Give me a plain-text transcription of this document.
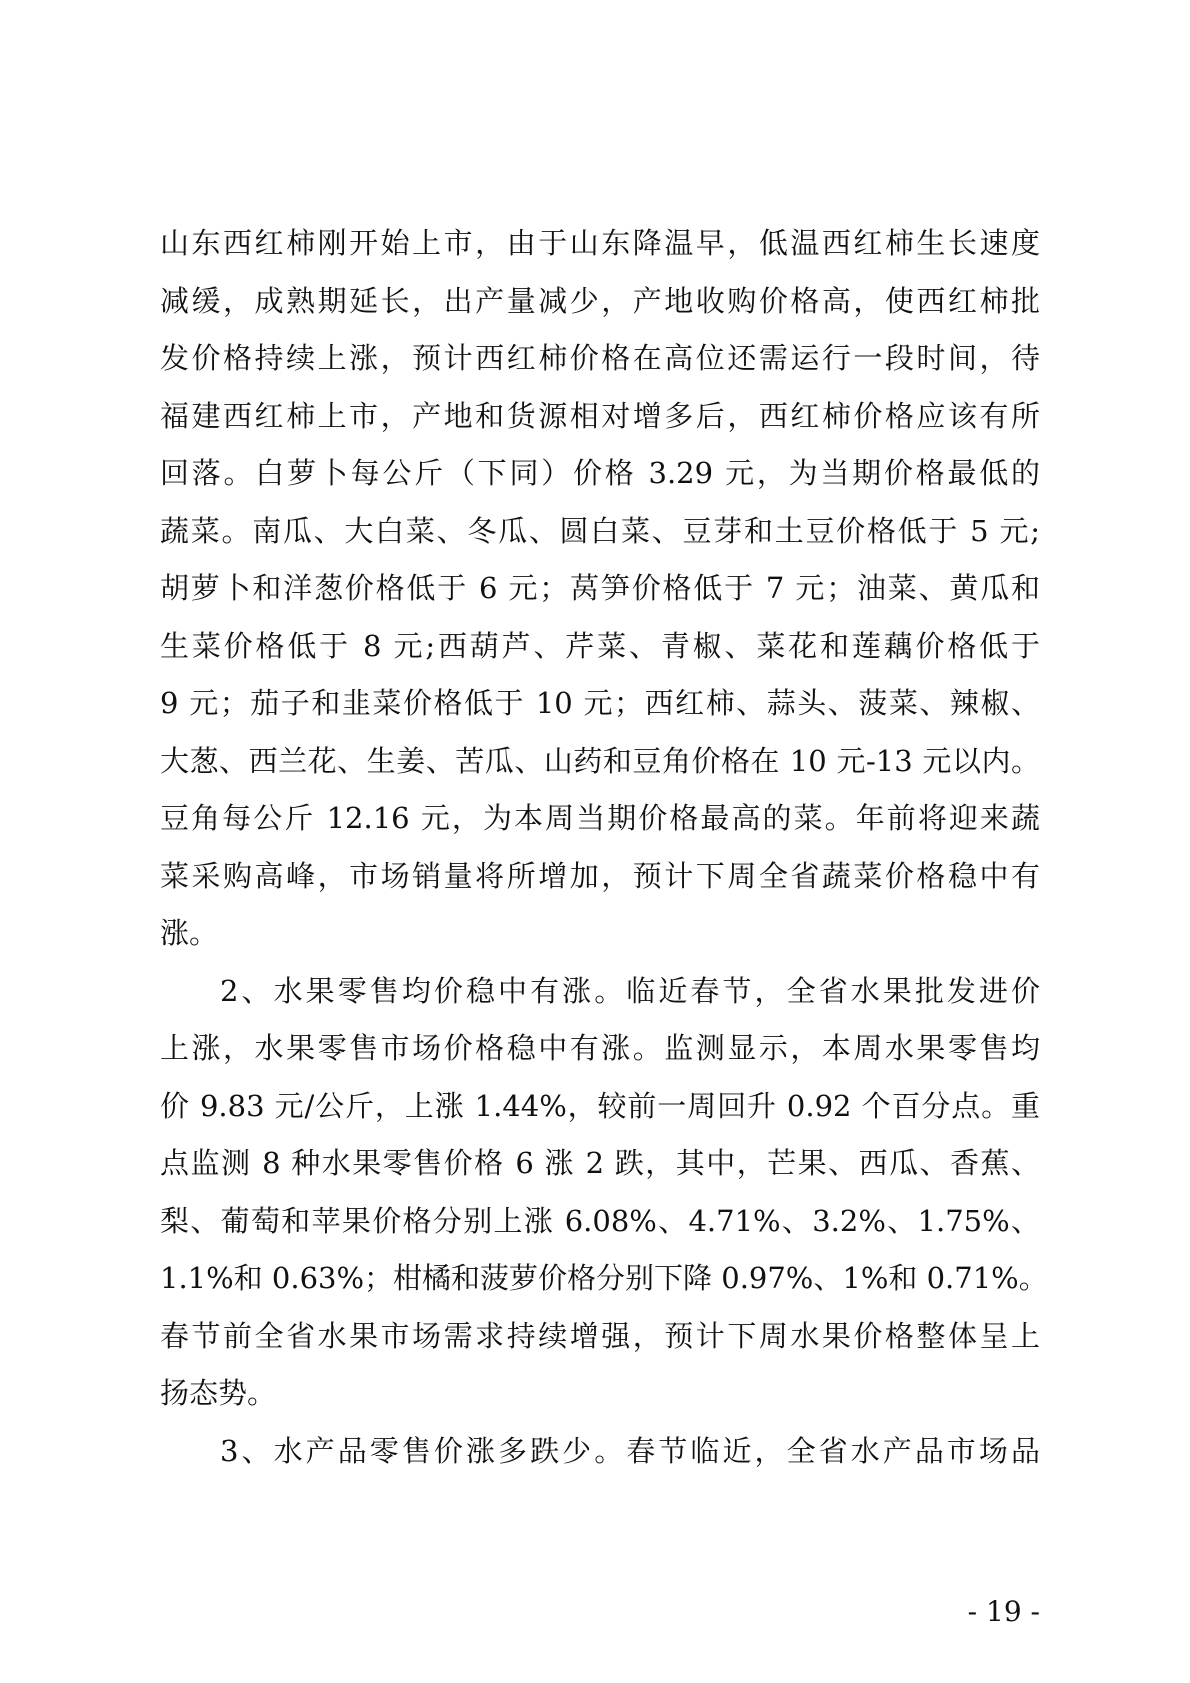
山东西红柿刚开始上市，由于山东降温早，低温西红柿生长速度
减缓，成熟期延长，出产量减少，产地收购价格高，使西红柿批
发价格持续上涨，预计西红柿价格在高位还需运行一段时间，待
福建西红柿上市，产地和货源相对增多后，西红柿价格应该有所
回落。白萝卜每公斤（下同）价格 3.29 元，为当期价格最低的
蔬菜。南瓜、大白菜、冬瓜、圆白菜、豆芽和土豆价格低于 5 元;
胡萝卜和洋葱价格低于 6 元；莴笋价格低于 7 元；油菜、黄瓜和
生菜价格低于 8 元;西葫芦、芹菜、青椒、菜花和莲藕价格低于
9 元；茄子和韭菜价格低于 10 元；西红柿、蒜头、菠菜、辣椒、
大葱、西兰花、生姜、苦瓜、山药和豆角价格在 10 元-13 元以内。
豆角每公斤 12.16 元，为本周当期价格最高的菜。年前将迎来蔬
菜采购高峰，市场销量将所增加，预计下周全省蔬菜价格稳中有
涨。
2、水果零售均价稳中有涨。临近春节，全省水果批发进价
上涨，水果零售市场价格稳中有涨。监测显示，本周水果零售均
价 9.83 元/公斤，上涨 1.44%，较前一周回升 0.92 个百分点。重
点监测 8 种水果零售价格 6 涨 2 跌，其中，芒果、西瓜、香蕉、
梨、葡萄和苹果价格分别上涨 6.08%、4.71%、3.2%、1.75%、
1.1%和 0.63%；柑橘和菠萝价格分别下降 0.97%、1%和 0.71%。
春节前全省水果市场需求持续增强，预计下周水果价格整体呈上
扬态势。
3、水产品零售价涨多跌少。春节临近，全省水产品市场品
- 19 -
